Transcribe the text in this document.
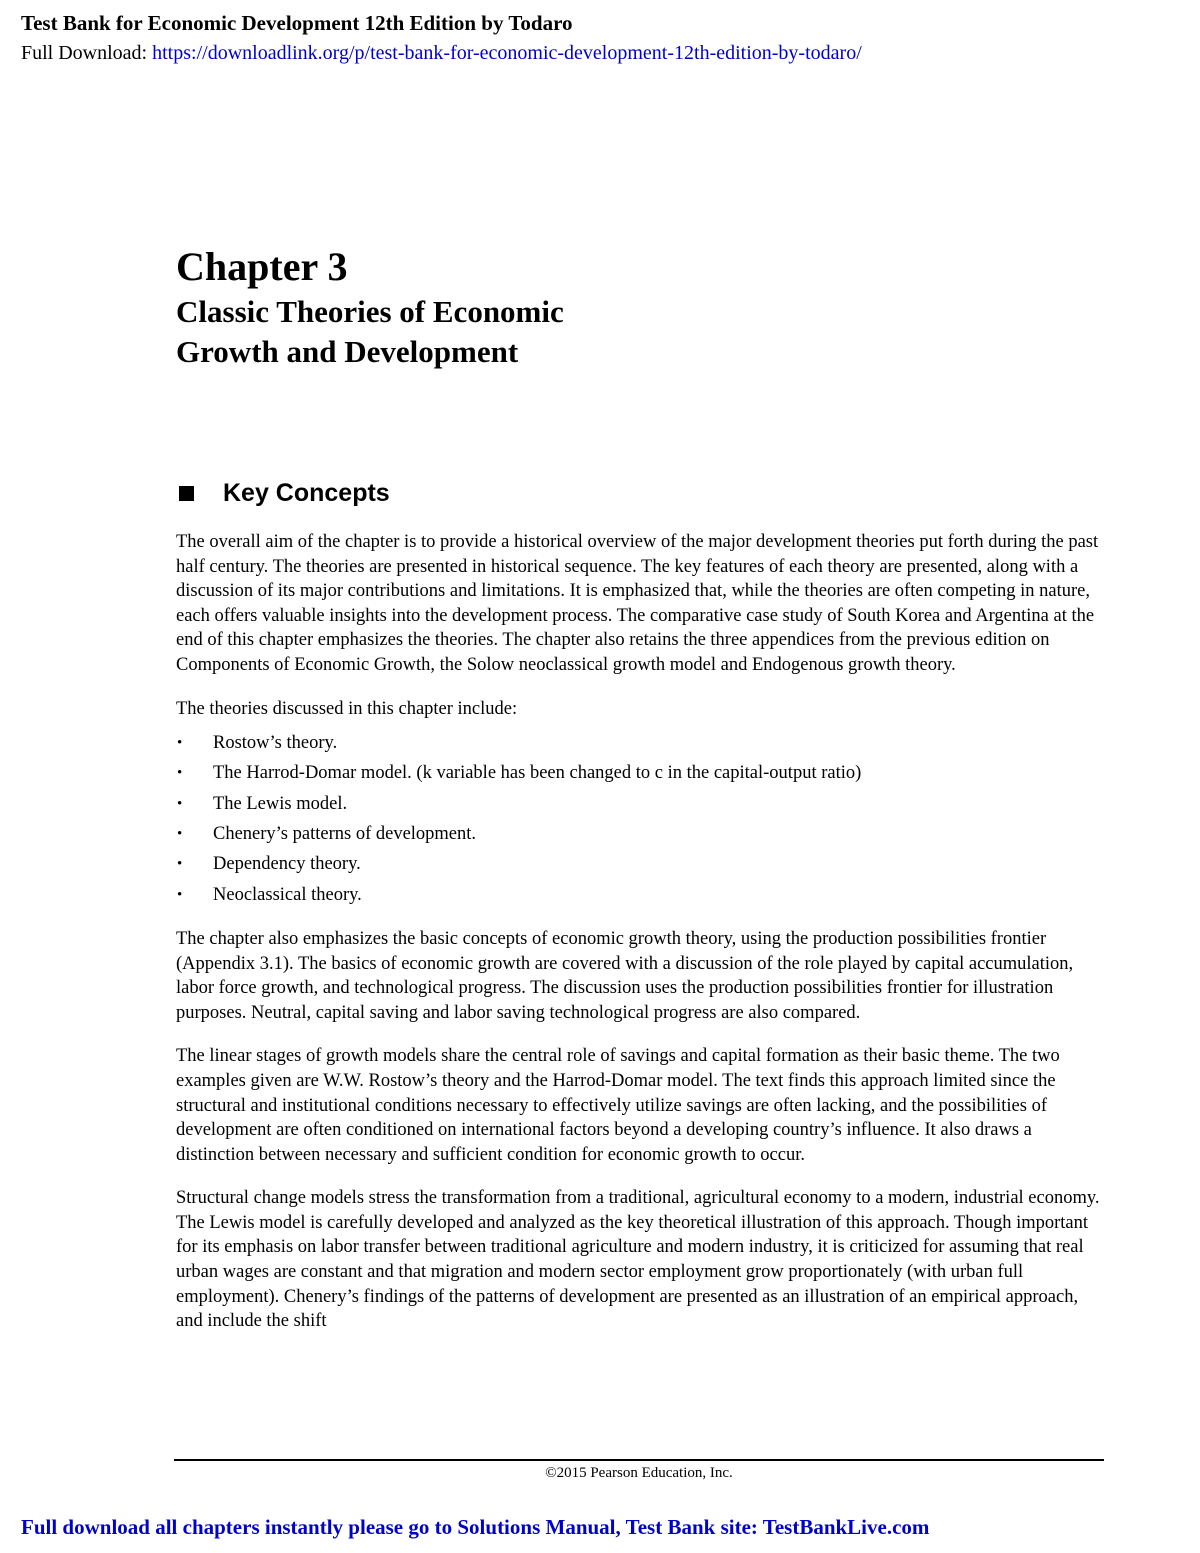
Test Bank for Economic Development 12th Edition by Todaro
Full Download: https://downloadlink.org/p/test-bank-for-economic-development-12th-edition-by-todaro/
Chapter 3
Classic Theories of Economic
Growth and Development
Key Concepts

The overall aim of the chapter is to provide a historical overview of the major development theories put forth during the past half century. The theories are presented in historical sequence. The key features of each theory are presented, along with a discussion of its major contributions and limitations. It is emphasized that, while the theories are often competing in nature, each offers valuable insights into the development process. The comparative case study of South Korea and Argentina at the end of this chapter emphasizes the theories. The chapter also retains the three appendices from the previous edition on Components of Economic Growth, the Solow neoclassical growth model and Endogenous growth theory.

The theories discussed in this chapter include:

• Rostow’s theory.
• The Harrod-Domar model. (k variable has been changed to c in the capital-output ratio)
• The Lewis model.
• Chenery’s patterns of development.
• Dependency theory.
• Neoclassical theory.

The chapter also emphasizes the basic concepts of economic growth theory, using the production possibilities frontier (Appendix 3.1). The basics of economic growth are covered with a discussion of the role played by capital accumulation, labor force growth, and technological progress. The discussion uses the production possibilities frontier for illustration purposes. Neutral, capital saving and labor saving technological progress are also compared.

The linear stages of growth models share the central role of savings and capital formation as their basic theme. The two examples given are W.W. Rostow’s theory and the Harrod-Domar model. The text finds this approach limited since the structural and institutional conditions necessary to effectively utilize savings are often lacking, and the possibilities of development are often conditioned on international factors beyond a developing country’s influence. It also draws a distinction between necessary and sufficient condition for economic growth to occur.

Structural change models stress the transformation from a traditional, agricultural economy to a modern, industrial economy. The Lewis model is carefully developed and analyzed as the key theoretical illustration of this approach. Though important for its emphasis on labor transfer between traditional agriculture and modern industry, it is criticized for assuming that real urban wages are constant and that migration and modern sector employment grow proportionately (with urban full employment). Chenery’s findings of the patterns of development are presented as an illustration of an empirical approach, and include the shift

©2015 Pearson Education, Inc.
Full download all chapters instantly please go to Solutions Manual, Test Bank site: TestBankLive.com
